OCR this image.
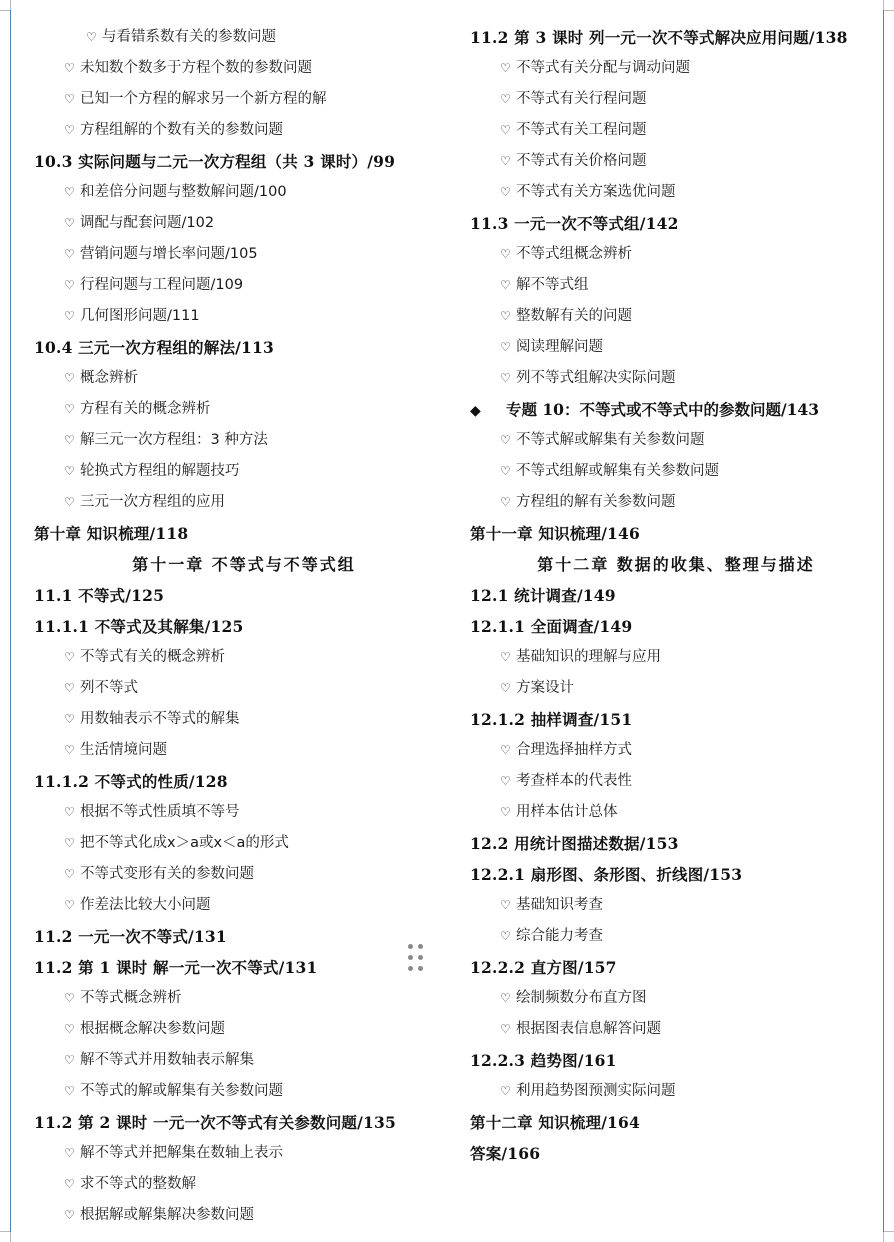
♡ 与看错系数有关的参数问题
♡ 未知数个数多于方程个数的参数问题
♡ 已知一个方程的解求另一个新方程的解
♡ 方程组解的个数有关的参数问题
10.3 实际问题与二元一次方程组（共 3 课时）/99
♡ 和差倍分问题与整数解问题/100
♡ 调配与配套问题/102
♡ 营销问题与增长率问题/105
♡ 行程问题与工程问题/109
♡ 几何图形问题/111
10.4 三元一次方程组的解法/113
♡ 概念辨析
♡ 方程有关的概念辨析
♡ 解三元一次方程组：3 种方法
♡ 轮换式方程组的解题技巧
♡ 三元一次方程组的应用
第十章 知识梳理/118
第十一章 不等式与不等式组
11.1 不等式/125
11.1.1 不等式及其解集/125
♡ 不等式有关的概念辨析
♡ 列不等式
♡ 用数轴表示不等式的解集
♡ 生活情境问题
11.1.2 不等式的性质/128
♡ 根据不等式性质填不等号
♡ 把不等式化成x＞a或x＜a的形式
♡ 不等式变形有关的参数问题
♡ 作差法比较大小问题
11.2 一元一次不等式/131
11.2 第 1 课时 解一元一次不等式/131
♡ 不等式概念辨析
♡ 根据概念解决参数问题
♡ 解不等式并用数轴表示解集
♡ 不等式的解或解集有关参数问题
11.2 第 2 课时 一元一次不等式有关参数问题/135
♡ 解不等式并把解集在数轴上表示
♡ 求不等式的整数解
♡ 根据解或解集解决参数问题
11.2 第 3 课时 列一元一次不等式解决应用问题/138
♡ 不等式有关分配与调动问题
♡ 不等式有关行程问题
♡ 不等式有关工程问题
♡ 不等式有关价格问题
♡ 不等式有关方案选优问题
11.3 一元一次不等式组/142
♡ 不等式组概念辨析
♡ 解不等式组
♡ 整数解有关的问题
♡ 阅读理解问题
♡ 列不等式组解决实际问题
◆ 专题 10：不等式或不等式中的参数问题/143
♡ 不等式解或解集有关参数问题
♡ 不等式组解或解集有关参数问题
♡ 方程组的解有关参数问题
第十一章 知识梳理/146
第十二章 数据的收集、整理与描述
12.1 统计调查/149
12.1.1 全面调查/149
♡ 基础知识的理解与应用
♡ 方案设计
12.1.2 抽样调查/151
♡ 合理选择抽样方式
♡ 考查样本的代表性
♡ 用样本估计总体
12.2 用统计图描述数据/153
12.2.1 扇形图、条形图、折线图/153
♡ 基础知识考查
♡ 综合能力考查
12.2.2 直方图/157
♡ 绘制频数分布直方图
♡ 根据图表信息解答问题
12.2.3 趋势图/161
♡ 利用趋势图预测实际问题
第十二章 知识梳理/164
答案/166
